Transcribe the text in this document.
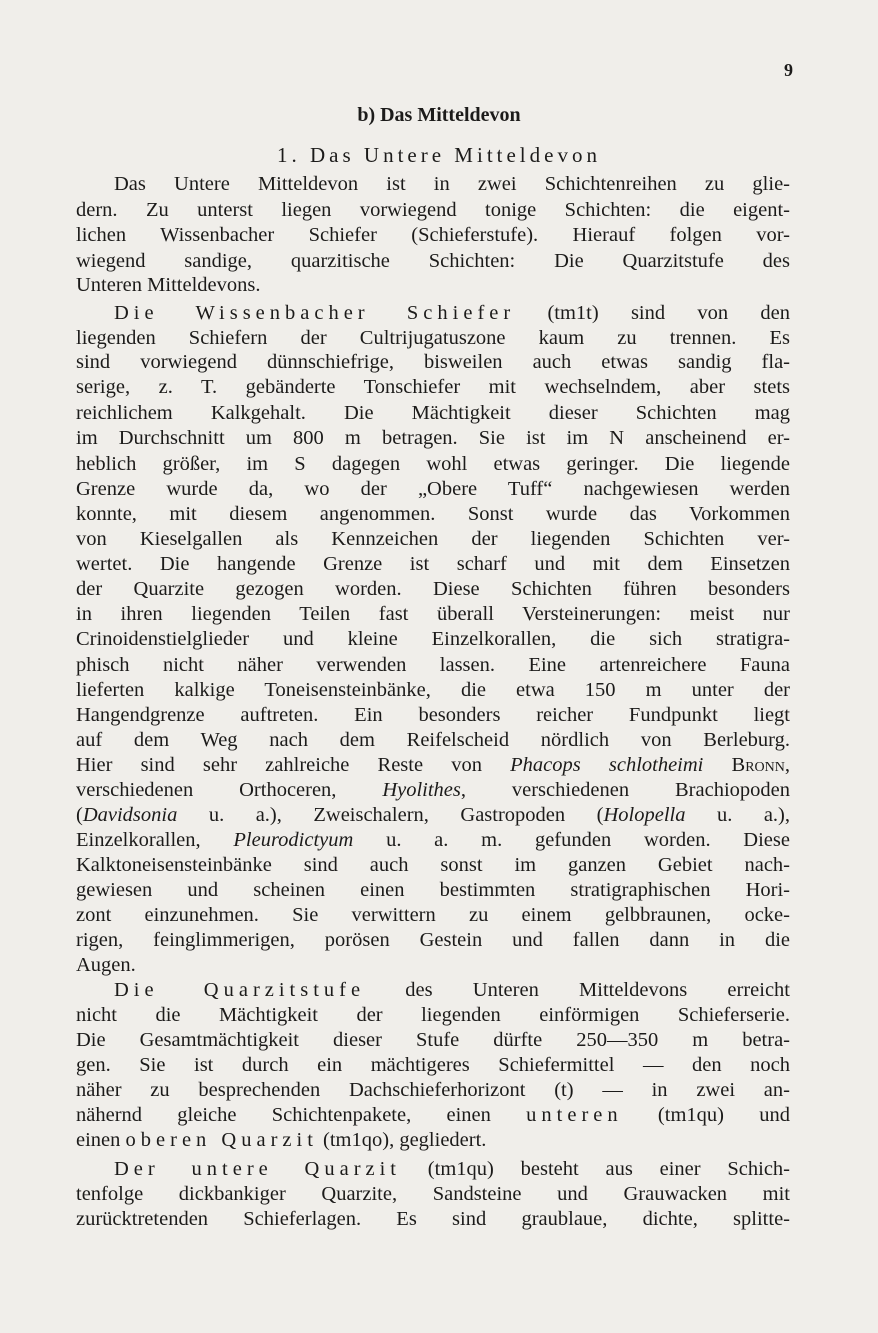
9
b) Das Mitteldevon
1. Das Untere Mitteldevon
Das Untere Mitteldevon ist in zwei Schichtenreihen zu glie-
dern. Zu unterst liegen vorwiegend tonige Schichten: die eigent-
lichen Wissenbacher Schiefer (Schieferstufe). Hierauf folgen vor-
wiegend sandige, quarzitische Schichten: Die Quarzitstufe des
Unteren Mitteldevons.
Die Wissenbacher Schiefer (tm1t) sind von den
liegenden Schiefern der Cultrijugatuszone kaum zu trennen. Es
sind vorwiegend dünnschiefrige, bisweilen auch etwas sandig fla-
serige, z. T. gebänderte Tonschiefer mit wechselndem, aber stets
reichlichem Kalkgehalt. Die Mächtigkeit dieser Schichten mag
im Durchschnitt um 800 m betragen. Sie ist im N anscheinend er-
heblich größer, im S dagegen wohl etwas geringer. Die liegende
Grenze wurde da, wo der „Obere Tuff“ nachgewiesen werden
konnte, mit diesem angenommen. Sonst wurde das Vorkommen
von Kieselgallen als Kennzeichen der liegenden Schichten ver-
wertet. Die hangende Grenze ist scharf und mit dem Einsetzen
der Quarzite gezogen worden. Diese Schichten führen besonders
in ihren liegenden Teilen fast überall Versteinerungen: meist nur
Crinoidenstielglieder und kleine Einzelkorallen, die sich stratigra-
phisch nicht näher verwenden lassen. Eine artenreichere Fauna
lieferten kalkige Toneisensteinbänke, die etwa 150 m unter der
Hangendgrenze auftreten. Ein besonders reicher Fundpunkt liegt
auf dem Weg nach dem Reifelscheid nördlich von Berleburg.
Hier sind sehr zahlreiche Reste von Phacops schlotheimi Bronn,
verschiedenen Orthoceren, Hyolithes, verschiedenen Brachiopoden
(Davidsonia u. a.), Zweischalern, Gastropoden (Holopella u. a.),
Einzelkorallen, Pleurodictyum u. a. m. gefunden worden. Diese
Kalktoneisensteinbänke sind auch sonst im ganzen Gebiet nach-
gewiesen und scheinen einen bestimmten stratigraphischen Hori-
zont einzunehmen. Sie verwittern zu einem gelbbraunen, ocke-
rigen, feinglimmerigen, porösen Gestein und fallen dann in die
Augen.
Die Quarzitstufe des Unteren Mitteldevons erreicht
nicht die Mächtigkeit der liegenden einförmigen Schieferserie.
Die Gesamtmächtigkeit dieser Stufe dürfte 250—350 m betra-
gen. Sie ist durch ein mächtigeres Schiefermittel — den noch
näher zu besprechenden Dachschieferhorizont (t) — in zwei an-
nähernd gleiche Schichtenpakete, einen unteren (tm1qu) und
einen oberen Quarzit (tm1qo), gegliedert.
Der untere Quarzit (tm1qu) besteht aus einer Schich-
tenfolge dickbankiger Quarzite, Sandsteine und Grauwacken mit
zurücktretenden Schieferlagen. Es sind graublaue, dichte, splitte-
